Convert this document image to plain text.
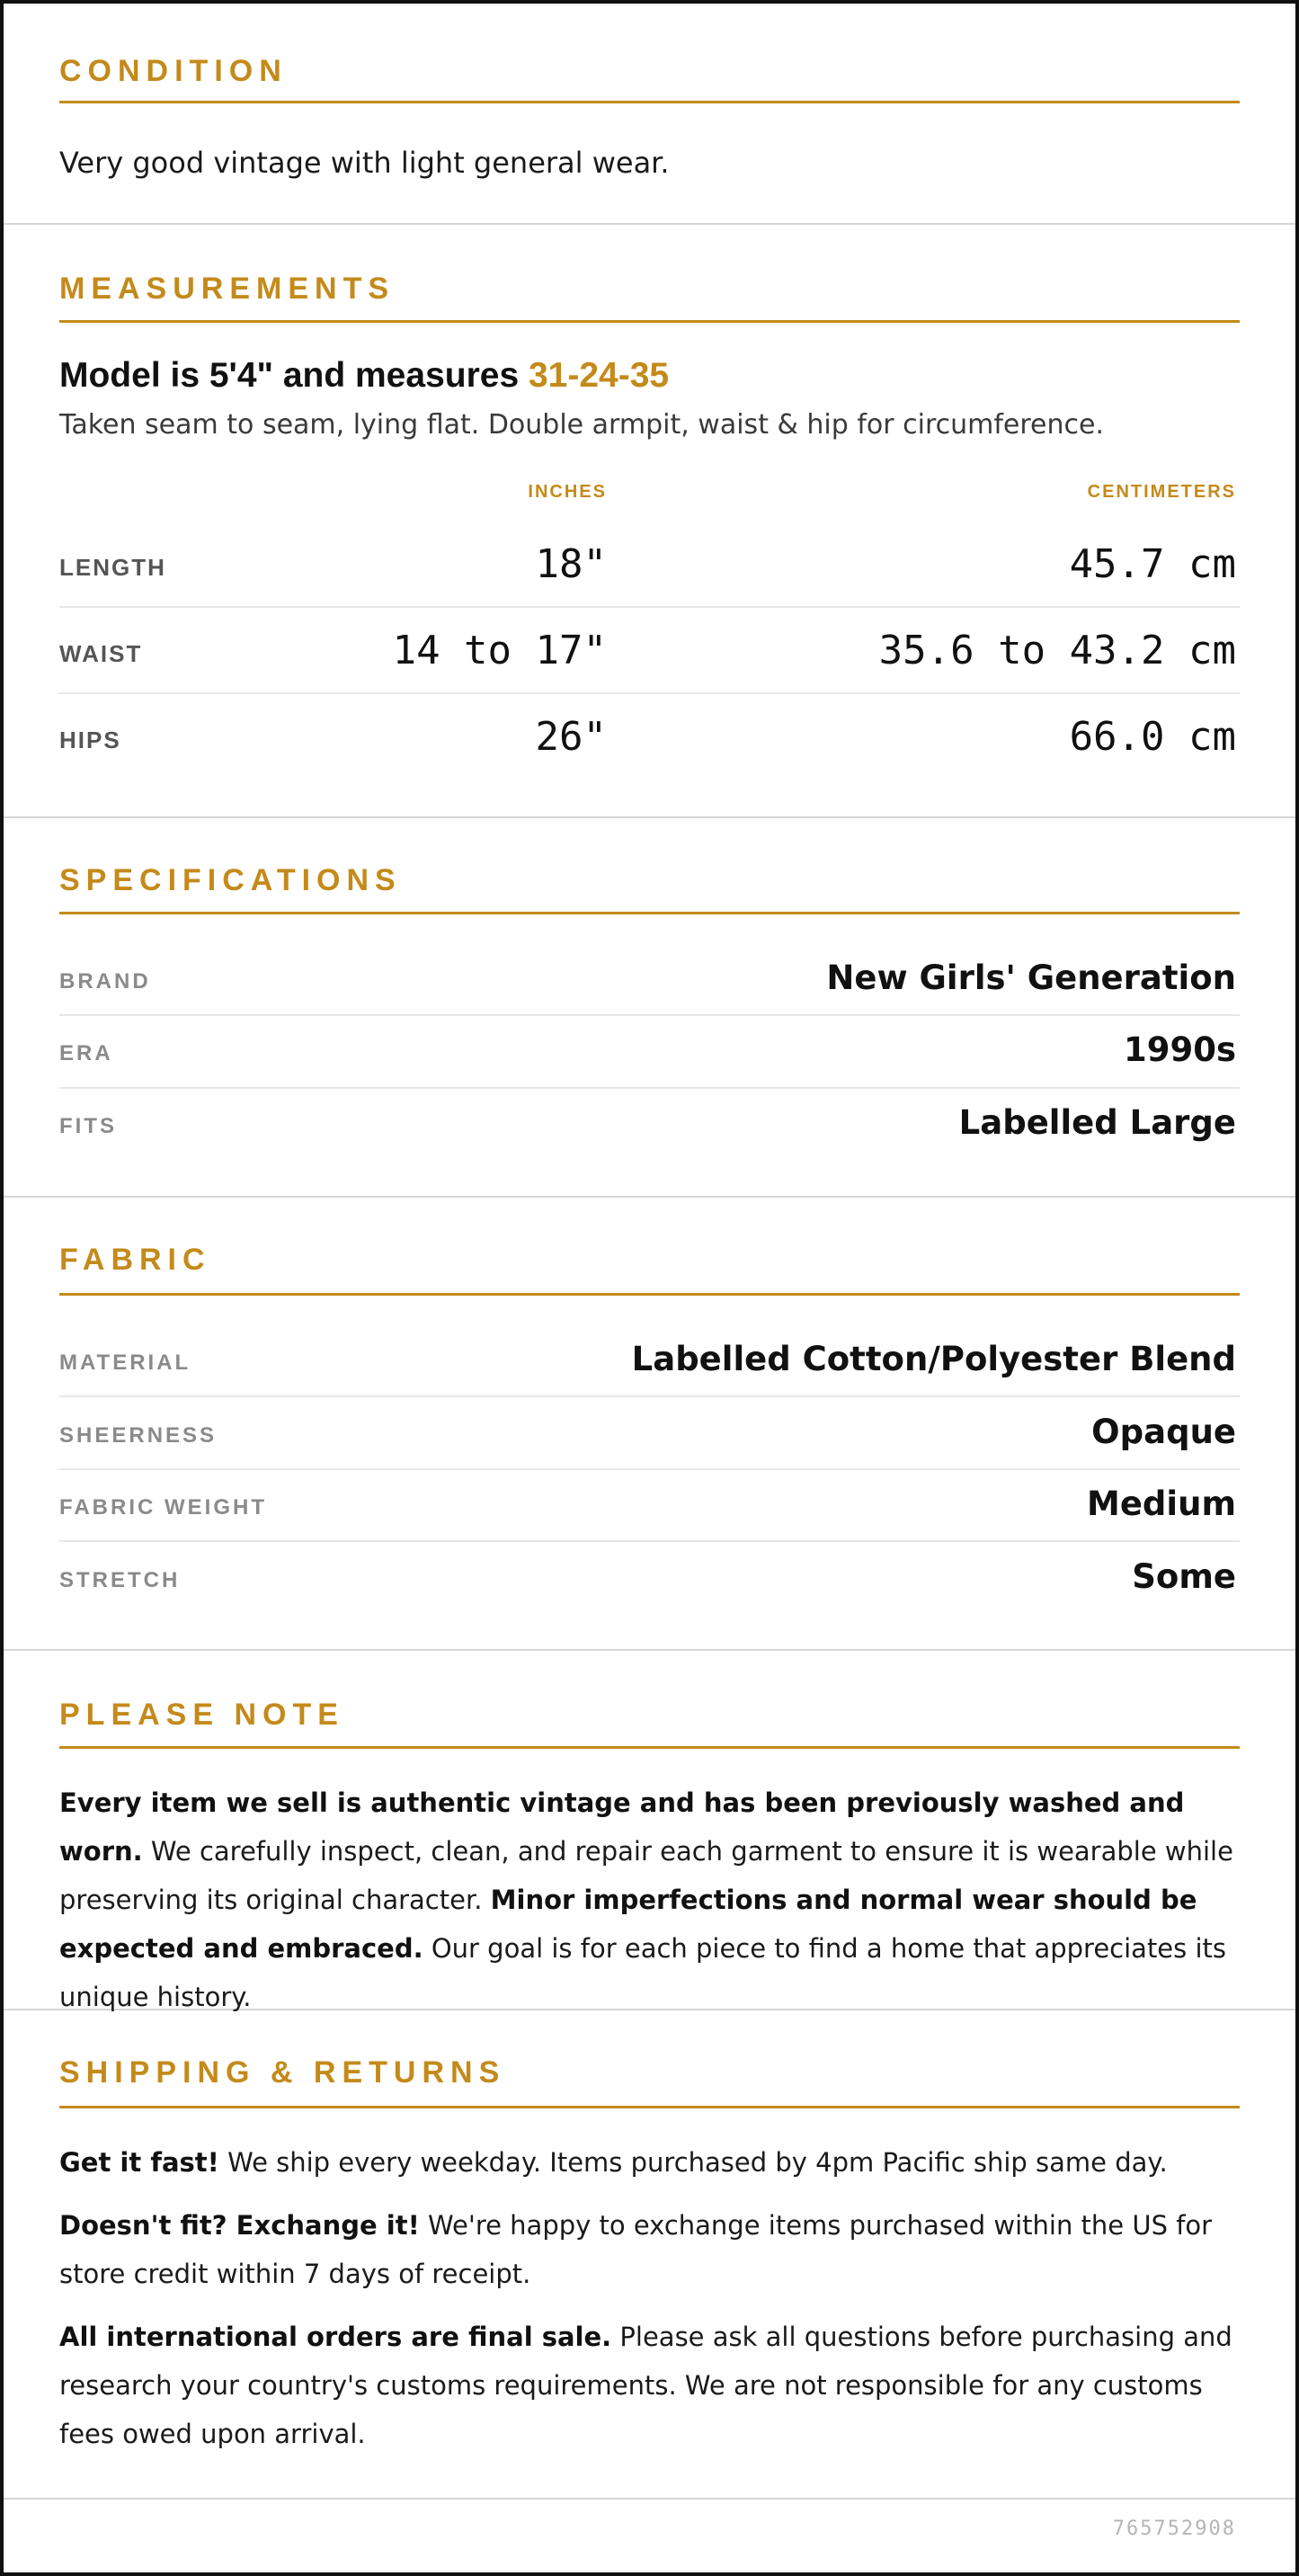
CONDITION
Very good vintage with light general wear.
MEASUREMENTS
Model is 5'4" and measures 31-24-35
Taken seam to seam, lying flat. Double armpit, waist & hip for circumference.
INCHES	CENTIMETERS
LENGTH	18"	45.7 cm
WAIST	14 to 17"	35.6 to 43.2 cm
HIPS	26"	66.0 cm
SPECIFICATIONS
BRAND	New Girls' Generation
ERA	1990s
FITS	Labelled Large
FABRIC
MATERIAL	Labelled Cotton/Polyester Blend
SHEERNESS	Opaque
FABRIC WEIGHT	Medium
STRETCH	Some
PLEASE NOTE
Every item we sell is authentic vintage and has been previously washed and worn. We carefully inspect, clean, and repair each garment to ensure it is wearable while preserving its original character. Minor imperfections and normal wear should be expected and embraced. Our goal is for each piece to find a home that appreciates its unique history.
SHIPPING & RETURNS
Get it fast! We ship every weekday. Items purchased by 4pm Pacific ship same day.
Doesn't fit? Exchange it! We're happy to exchange items purchased within the US for store credit within 7 days of receipt.
All international orders are final sale. Please ask all questions before purchasing and research your country's customs requirements. We are not responsible for any customs fees owed upon arrival.
765752908
